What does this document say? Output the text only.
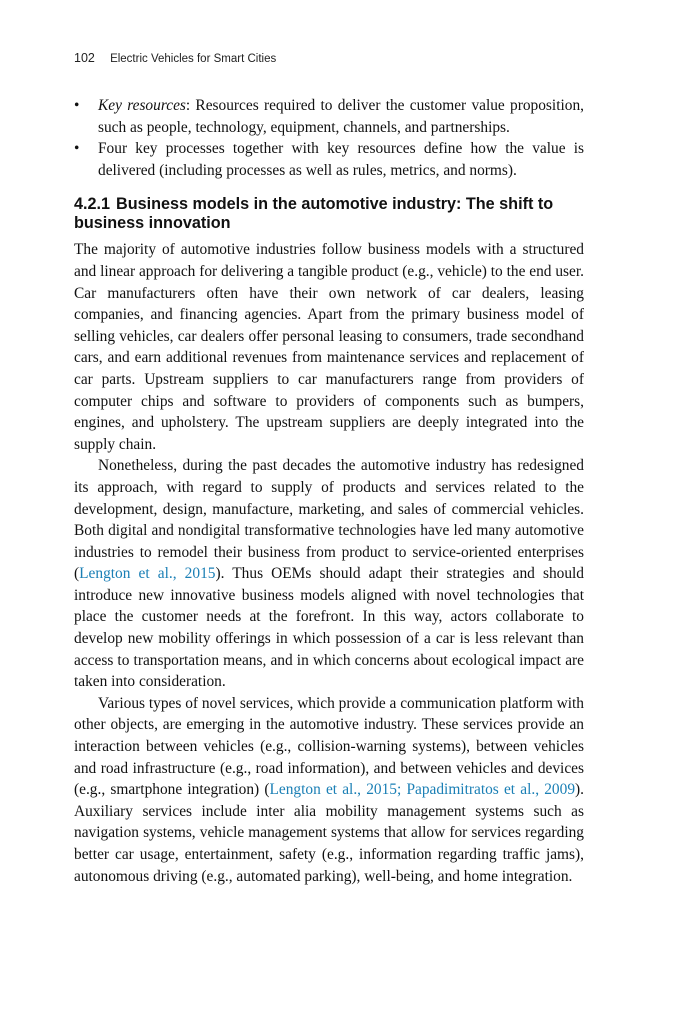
102 Electric Vehicles for Smart Cities
• Key resources: Resources required to deliver the customer value proposition, such as people, technology, equipment, channels, and partnerships.
• Four key processes together with key resources define how the value is delivered (including processes as well as rules, metrics, and norms).
4.2.1 Business models in the automotive industry: The shift to business innovation

The majority of automotive industries follow business models with a structured and linear approach for delivering a tangible product (e.g., vehicle) to the end user. Car manufacturers often have their own network of car dealers, leasing companies, and financing agencies. Apart from the primary business model of selling vehicles, car dealers offer personal leasing to consumers, trade secondhand cars, and earn additional revenues from maintenance services and replacement of car parts. Upstream suppliers to car manufacturers range from providers of computer chips and software to providers of components such as bumpers, engines, and upholstery. The upstream suppliers are deeply integrated into the supply chain.

Nonetheless, during the past decades the automotive industry has redesigned its approach, with regard to supply of products and services related to the development, design, manufacture, marketing, and sales of commercial vehicles. Both digital and nondigital transformative technologies have led many automotive industries to remodel their business from product to service-oriented enterprises (Lengton et al., 2015). Thus OEMs should adapt their strategies and should introduce new innovative business models aligned with novel technologies that place the customer needs at the forefront. In this way, actors collaborate to develop new mobility offerings in which possession of a car is less relevant than access to transportation means, and in which concerns about ecological impact are taken into consideration.

Various types of novel services, which provide a communication platform with other objects, are emerging in the automotive industry. These services provide an interaction between vehicles (e.g., collision-warning systems), between vehicles and road infrastructure (e.g., road information), and between vehicles and devices (e.g., smartphone integration) (Lengton et al., 2015; Papadimitratos et al., 2009). Auxiliary services include inter alia mobility management systems such as navigation systems, vehicle management systems that allow for services regarding better car usage, entertainment, safety (e.g., information regarding traffic jams), autonomous driving (e.g., automated parking), well-being, and home integration.
